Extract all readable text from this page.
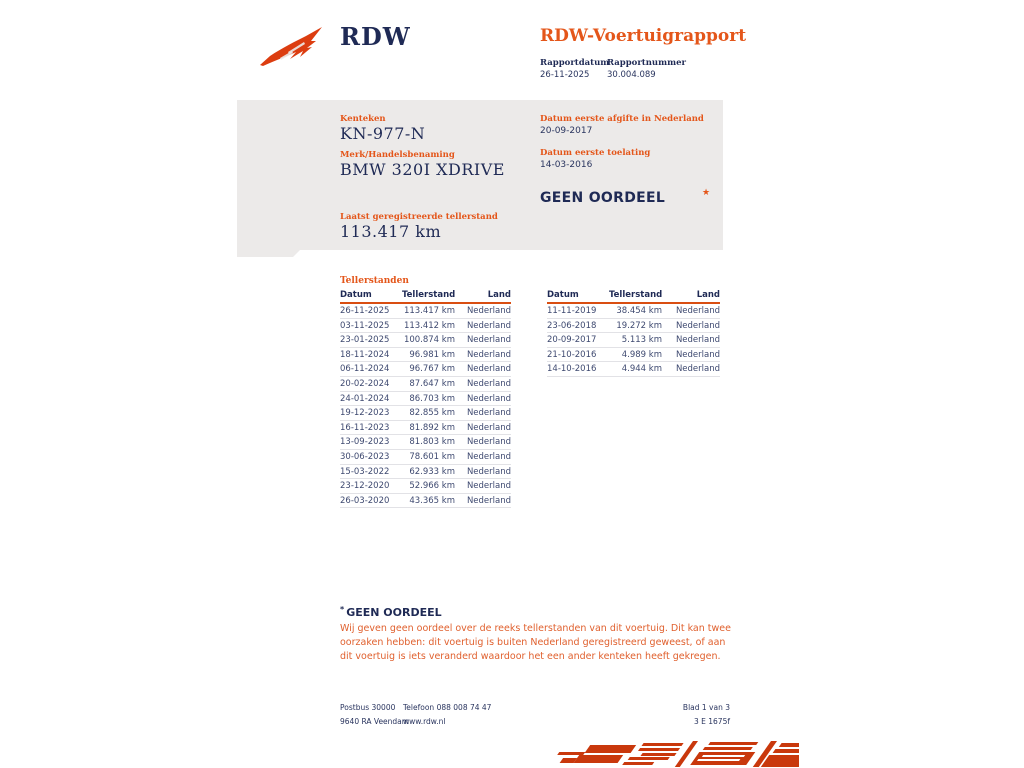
RDW	RDW-Voertuigrapport
Rapportdatum
26-11-2025
Rapportnummer
30.004.089
Kenteken
KN-977-N
Merk/Handelsbenaming
BMW 320I XDRIVE
Laatst geregistreerde tellerstand
113.417 km
Datum eerste afgifte in Nederland
20-09-2017
Datum eerste toelating
14-03-2016
GEEN OORDEEL	★
Tellerstanden
Datum	Tellerstand	Land
26-11-2025	113.417 km	Nederland
03-11-2025	113.412 km	Nederland
23-01-2025	100.874 km	Nederland
18-11-2024	96.981 km	Nederland
06-11-2024	96.767 km	Nederland
20-02-2024	87.647 km	Nederland
24-01-2024	86.703 km	Nederland
19-12-2023	82.855 km	Nederland
16-11-2023	81.892 km	Nederland
13-09-2023	81.803 km	Nederland
30-06-2023	78.601 km	Nederland
15-03-2022	62.933 km	Nederland
23-12-2020	52.966 km	Nederland
26-03-2020	43.365 km	Nederland
Datum	Tellerstand	Land
11-11-2019	38.454 km	Nederland
23-06-2018	19.272 km	Nederland
20-09-2017	5.113 km	Nederland
21-10-2016	4.989 km	Nederland
14-10-2016	4.944 km	Nederland
* GEEN OORDEEL
Wij geven geen oordeel over de reeks tellerstanden van dit voertuig. Dit kan twee oorzaken hebben: dit voertuig is buiten Nederland geregistreerd geweest, of aan dit voertuig is iets veranderd waardoor het een ander kenteken heeft gekregen.
Postbus 30000
9640 RA Veendam
Telefoon 088 008 74 47
www.rdw.nl
Blad 1 van 3
3 E 1675f
